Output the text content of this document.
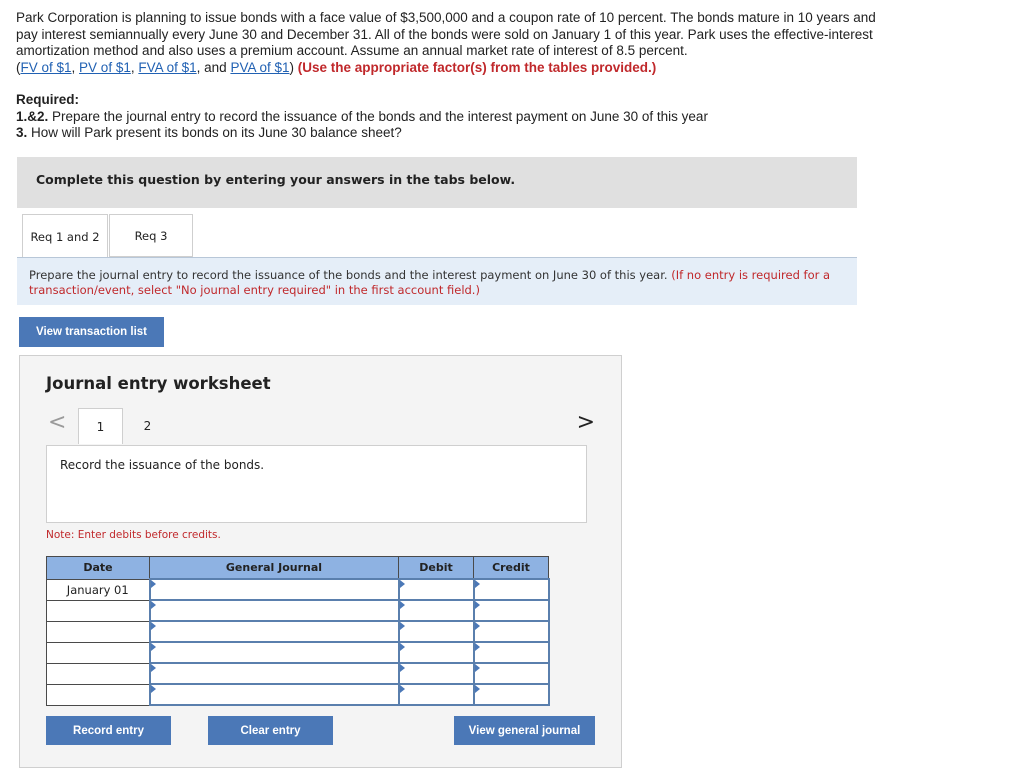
Park Corporation is planning to issue bonds with a face value of $3,500,000 and a coupon rate of 10 percent. The bonds mature in 10 years and pay interest semiannually every June 30 and December 31. All of the bonds were sold on January 1 of this year. Park uses the effective-interest amortization method and also uses a premium account. Assume an annual market rate of interest of 8.5 percent.
(FV of $1, PV of $1, FVA of $1, and PVA of $1) (Use the appropriate factor(s) from the tables provided.)
Required:
1.&2. Prepare the journal entry to record the issuance of the bonds and the interest payment on June 30 of this year
3. How will Park present its bonds on its June 30 balance sheet?
Complete this question by entering your answers in the tabs below.
Req 1 and 2	Req 3
Prepare the journal entry to record the issuance of the bonds and the interest payment on June 30 of this year. (If no entry is required for a transaction/event, select "No journal entry required" in the first account field.)
View transaction list
Journal entry worksheet
<	1	2	>
Record the issuance of the bonds.
Note: Enter debits before credits.
Date	General Journal	Debit	Credit
January 01			

Record entry	Clear entry	View general journal
